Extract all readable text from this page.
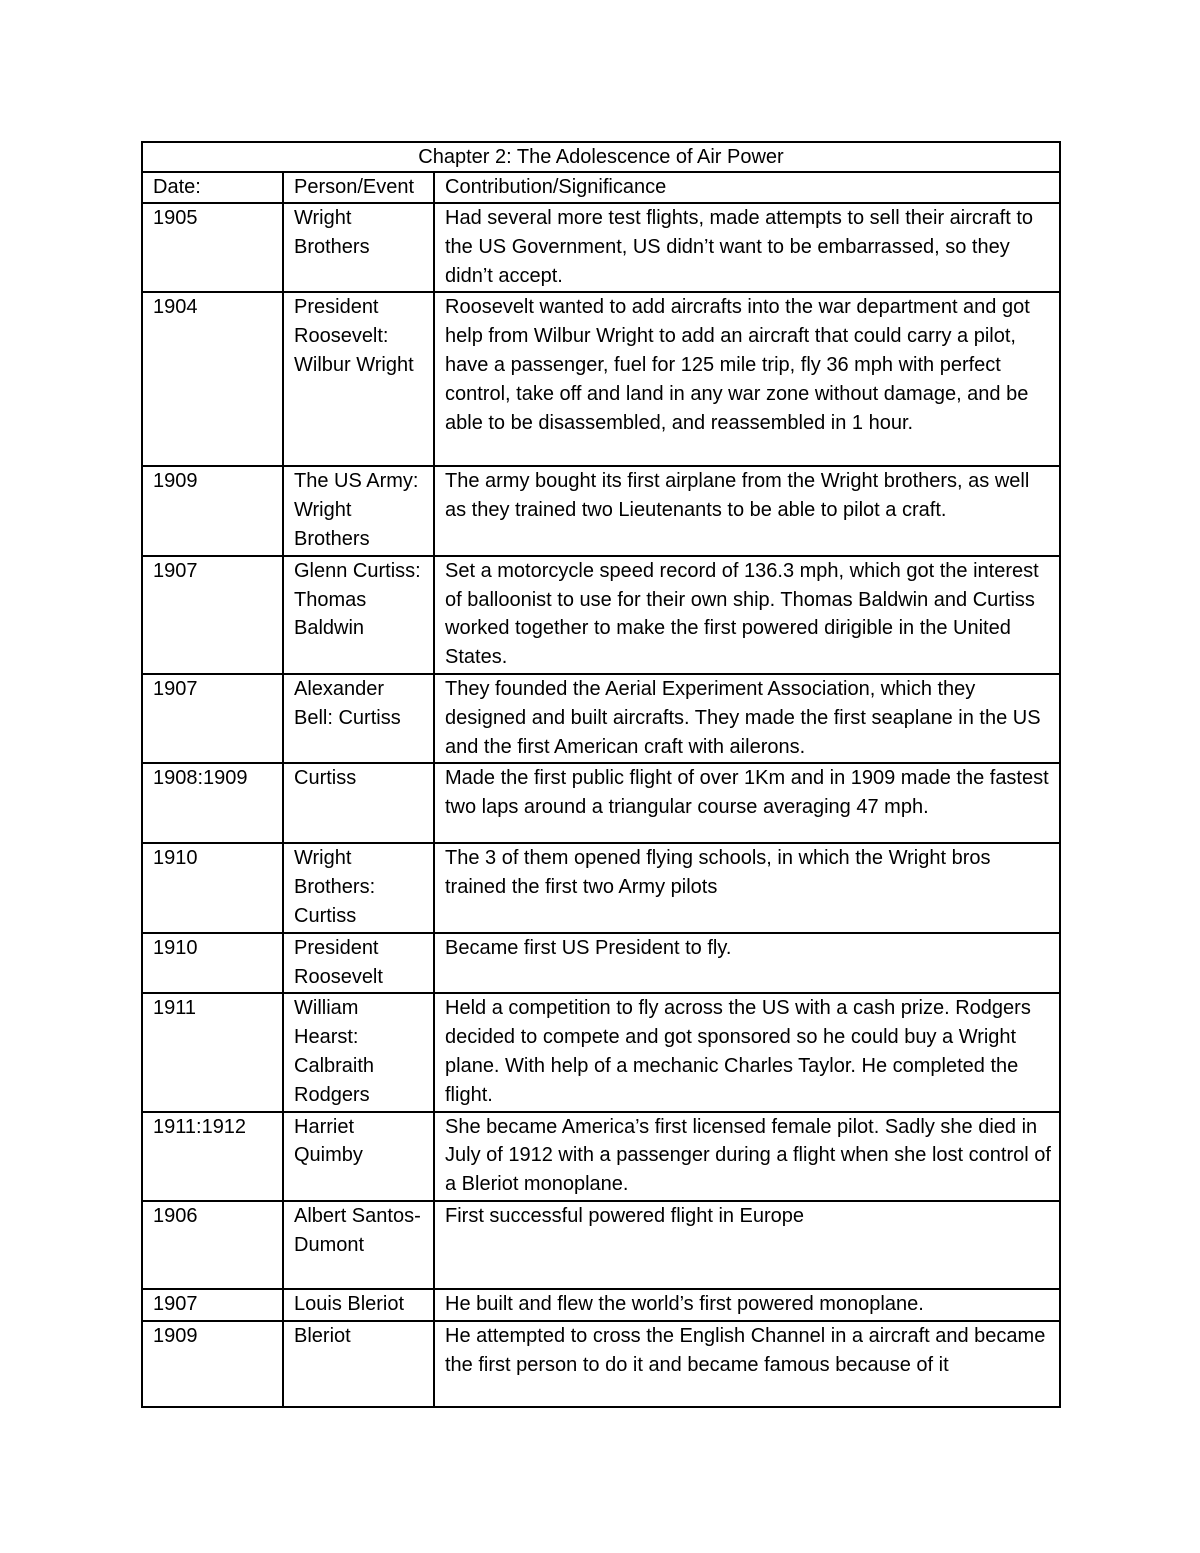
Chapter 2: The Adolescence of Air Power		
Date:	Person/Event	Contribution/Significance
1905	Wright Brothers	Had several more test flights, made attempts to sell their aircraft to the US Government, US didn’t want to be embarrassed, so they didn’t accept.
1904	President Roosevelt: Wilbur Wright	Roosevelt wanted to add aircrafts into the war department and got help from Wilbur Wright to add an aircraft that could carry a pilot, have a passenger, fuel for 125 mile trip, fly 36 mph with perfect control, take off and land in any war zone without damage, and be able to be disassembled, and reassembled in 1 hour.
1909	The US Army: Wright Brothers	The army bought its first airplane from the Wright brothers, as well as they trained two Lieutenants to be able to pilot a craft.
1907	Glenn Curtiss: Thomas Baldwin	Set a motorcycle speed record of 136.3 mph, which got the interest of balloonist to use for their own ship. Thomas Baldwin and Curtiss worked together to make the first powered dirigible in the United States.
1907	Alexander Bell: Curtiss	They founded the Aerial Experiment Association, which they designed and built aircrafts. They made the first seaplane in the US and the first American craft with ailerons.
1908:1909	Curtiss	Made the first public flight of over 1Km and in 1909 made the fastest two laps around a triangular course averaging 47 mph.
1910	Wright Brothers: Curtiss	The 3 of them opened flying schools, in which the Wright bros trained the first two Army pilots
1910	President Roosevelt	Became first US President to fly.
1911	William Hearst: Calbraith Rodgers	Held a competition to fly across the US with a cash prize. Rodgers decided to compete and got sponsored so he could buy a Wright plane. With help of a mechanic Charles Taylor. He completed the flight.
1911:1912	Harriet Quimby	She became America’s first licensed female pilot. Sadly she died in July of 1912 with a passenger during a flight when she lost control of a Bleriot monoplane.
1906	Albert Santos-Dumont	First successful powered flight in Europe
1907	Louis Bleriot	He built and flew the world’s first powered monoplane.
1909	Bleriot	He attempted to cross the English Channel in a aircraft and became the first person to do it and became famous because of it
